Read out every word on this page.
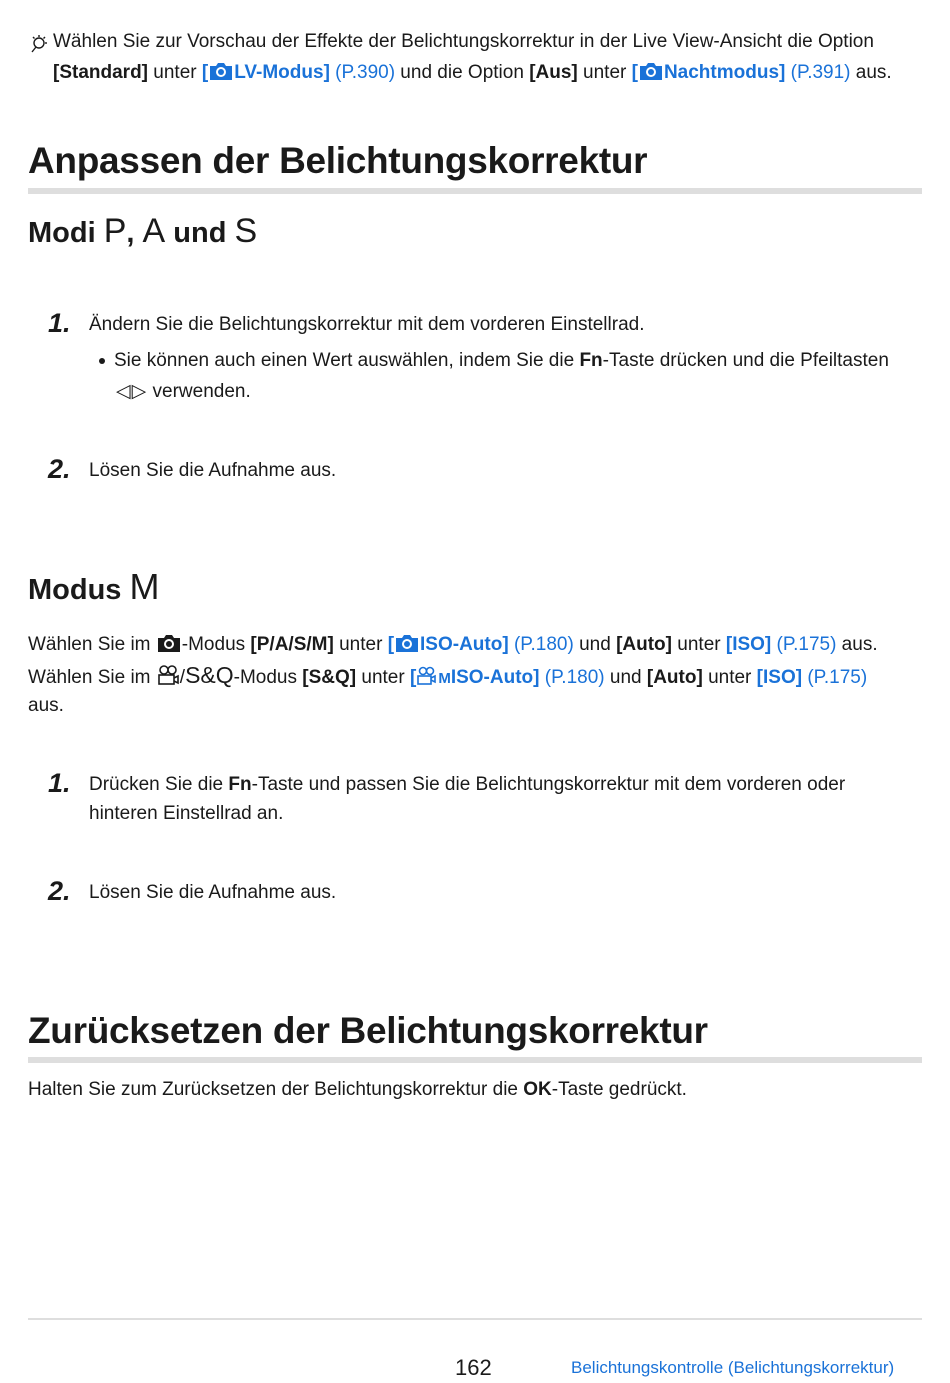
Wählen Sie zur Vorschau der Effekte der Belichtungskorrektur in der Live View-Ansicht die Option
[Standard] unter [ LV-Modus] (P.390) und die Option [Aus] unter [ Nachtmodus] (P.391) aus.
Anpassen der Belichtungskorrektur
Modi P, A und S
1. Ändern Sie die Belichtungskorrektur mit dem vorderen Einstellrad.
Sie können auch einen Wert auswählen, indem Sie die Fn-Taste drücken und die Pfeiltasten
◁▷ verwenden.
2. Lösen Sie die Aufnahme aus.
Modus M
Wählen Sie im -Modus [P/A/S/M] unter [ ISO-Auto] (P.180) und [Auto] unter [ISO] (P.175) aus.
Wählen Sie im /S&Q-Modus [S&Q] unter [ MISO-Auto] (P.180) und [Auto] unter [ISO] (P.175)
aus.
1. Drücken Sie die Fn-Taste und passen Sie die Belichtungskorrektur mit dem vorderen oder
hinteren Einstellrad an.
2. Lösen Sie die Aufnahme aus.
Zurücksetzen der Belichtungskorrektur
Halten Sie zum Zurücksetzen der Belichtungskorrektur die OK-Taste gedrückt.
162	Belichtungskontrolle (Belichtungskorrektur)
